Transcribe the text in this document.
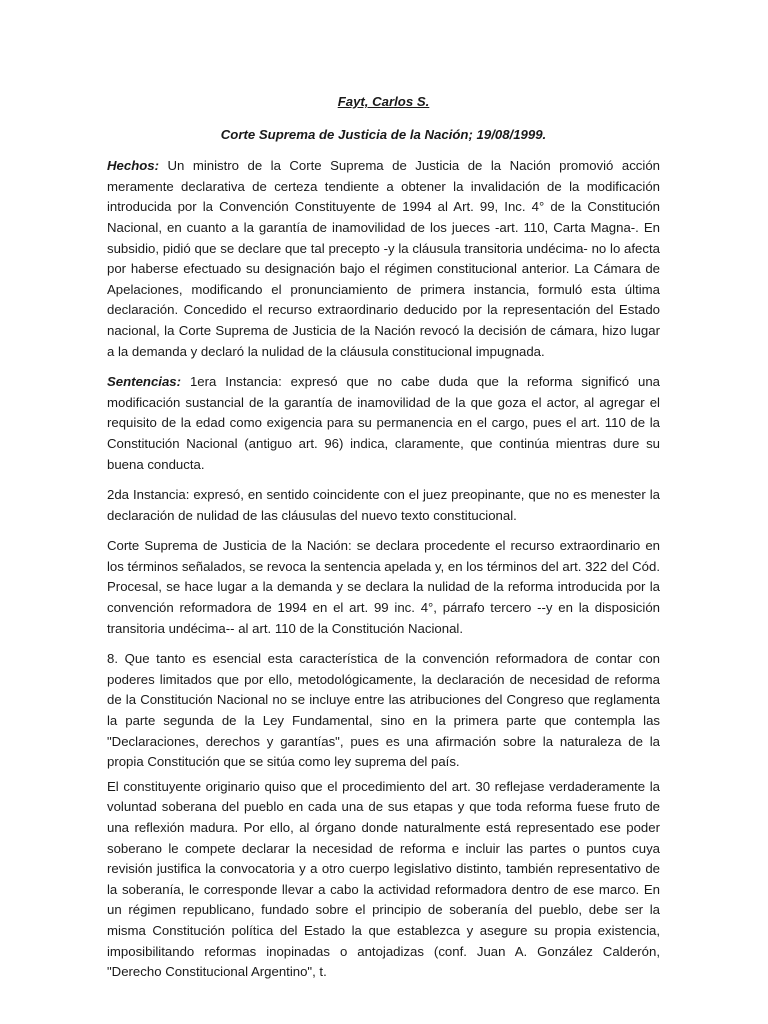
Fayt, Carlos S.

Corte Suprema de Justicia de la Nación; 19/08/1999.

Hechos: Un ministro de la Corte Suprema de Justicia de la Nación promovió acción meramente declarativa de certeza tendiente a obtener la invalidación de la modificación introducida por la Convención Constituyente de 1994 al Art. 99, Inc. 4° de la Constitución Nacional, en cuanto a la garantía de inamovilidad de los jueces -art. 110, Carta Magna-. En subsidio, pidió que se declare que tal precepto -y la cláusula transitoria undécima- no lo afecta por haberse efectuado su designación bajo el régimen constitucional anterior. La Cámara de Apelaciones, modificando el pronunciamiento de primera instancia, formuló esta última declaración. Concedido el recurso extraordinario deducido por la representación del Estado nacional, la Corte Suprema de Justicia de la Nación revocó la decisión de cámara, hizo lugar a la demanda y declaró la nulidad de la cláusula constitucional impugnada.

Sentencias: 1era Instancia: expresó que no cabe duda que la reforma significó una modificación sustancial de la garantía de inamovilidad de la que goza el actor, al agregar el requisito de la edad como exigencia para su permanencia en el cargo, pues el art. 110 de la Constitución Nacional (antiguo art. 96) indica, claramente, que continúa mientras dure su buena conducta.

2da Instancia: expresó, en sentido coincidente con el juez preopinante, que no es menester la declaración de nulidad de las cláusulas del nuevo texto constitucional.

Corte Suprema de Justicia de la Nación: se declara procedente el recurso extraordinario en los términos señalados, se revoca la sentencia apelada y, en los términos del art. 322 del Cód. Procesal, se hace lugar a la demanda y se declara la nulidad de la reforma introducida por la convención reformadora de 1994 en el art. 99 inc. 4°, párrafo tercero --y en la disposición transitoria undécima-- al art. 110 de la Constitución Nacional.

8. Que tanto es esencial esta característica de la convención reformadora de contar con poderes limitados que por ello, metodológicamente, la declaración de necesidad de reforma de la Constitución Nacional no se incluye entre las atribuciones del Congreso que reglamenta la parte segunda de la Ley Fundamental, sino en la primera parte que contempla las "Declaraciones, derechos y garantías", pues es una afirmación sobre la naturaleza de la propia Constitución que se sitúa como ley suprema del país.

El constituyente originario quiso que el procedimiento del art. 30 reflejase verdaderamente la voluntad soberana del pueblo en cada una de sus etapas y que toda reforma fuese fruto de una reflexión madura. Por ello, al órgano donde naturalmente está representado ese poder soberano le compete declarar la necesidad de reforma e incluir las partes o puntos cuya revisión justifica la convocatoria y a otro cuerpo legislativo distinto, también representativo de la soberanía, le corresponde llevar a cabo la actividad reformadora dentro de ese marco. En un régimen republicano, fundado sobre el principio de soberanía del pueblo, debe ser la misma Constitución política del Estado la que establezca y asegure su propia existencia, imposibilitando reformas inopinadas o antojadizas (conf. Juan A. González Calderón, "Derecho Constitucional Argentino", t.
